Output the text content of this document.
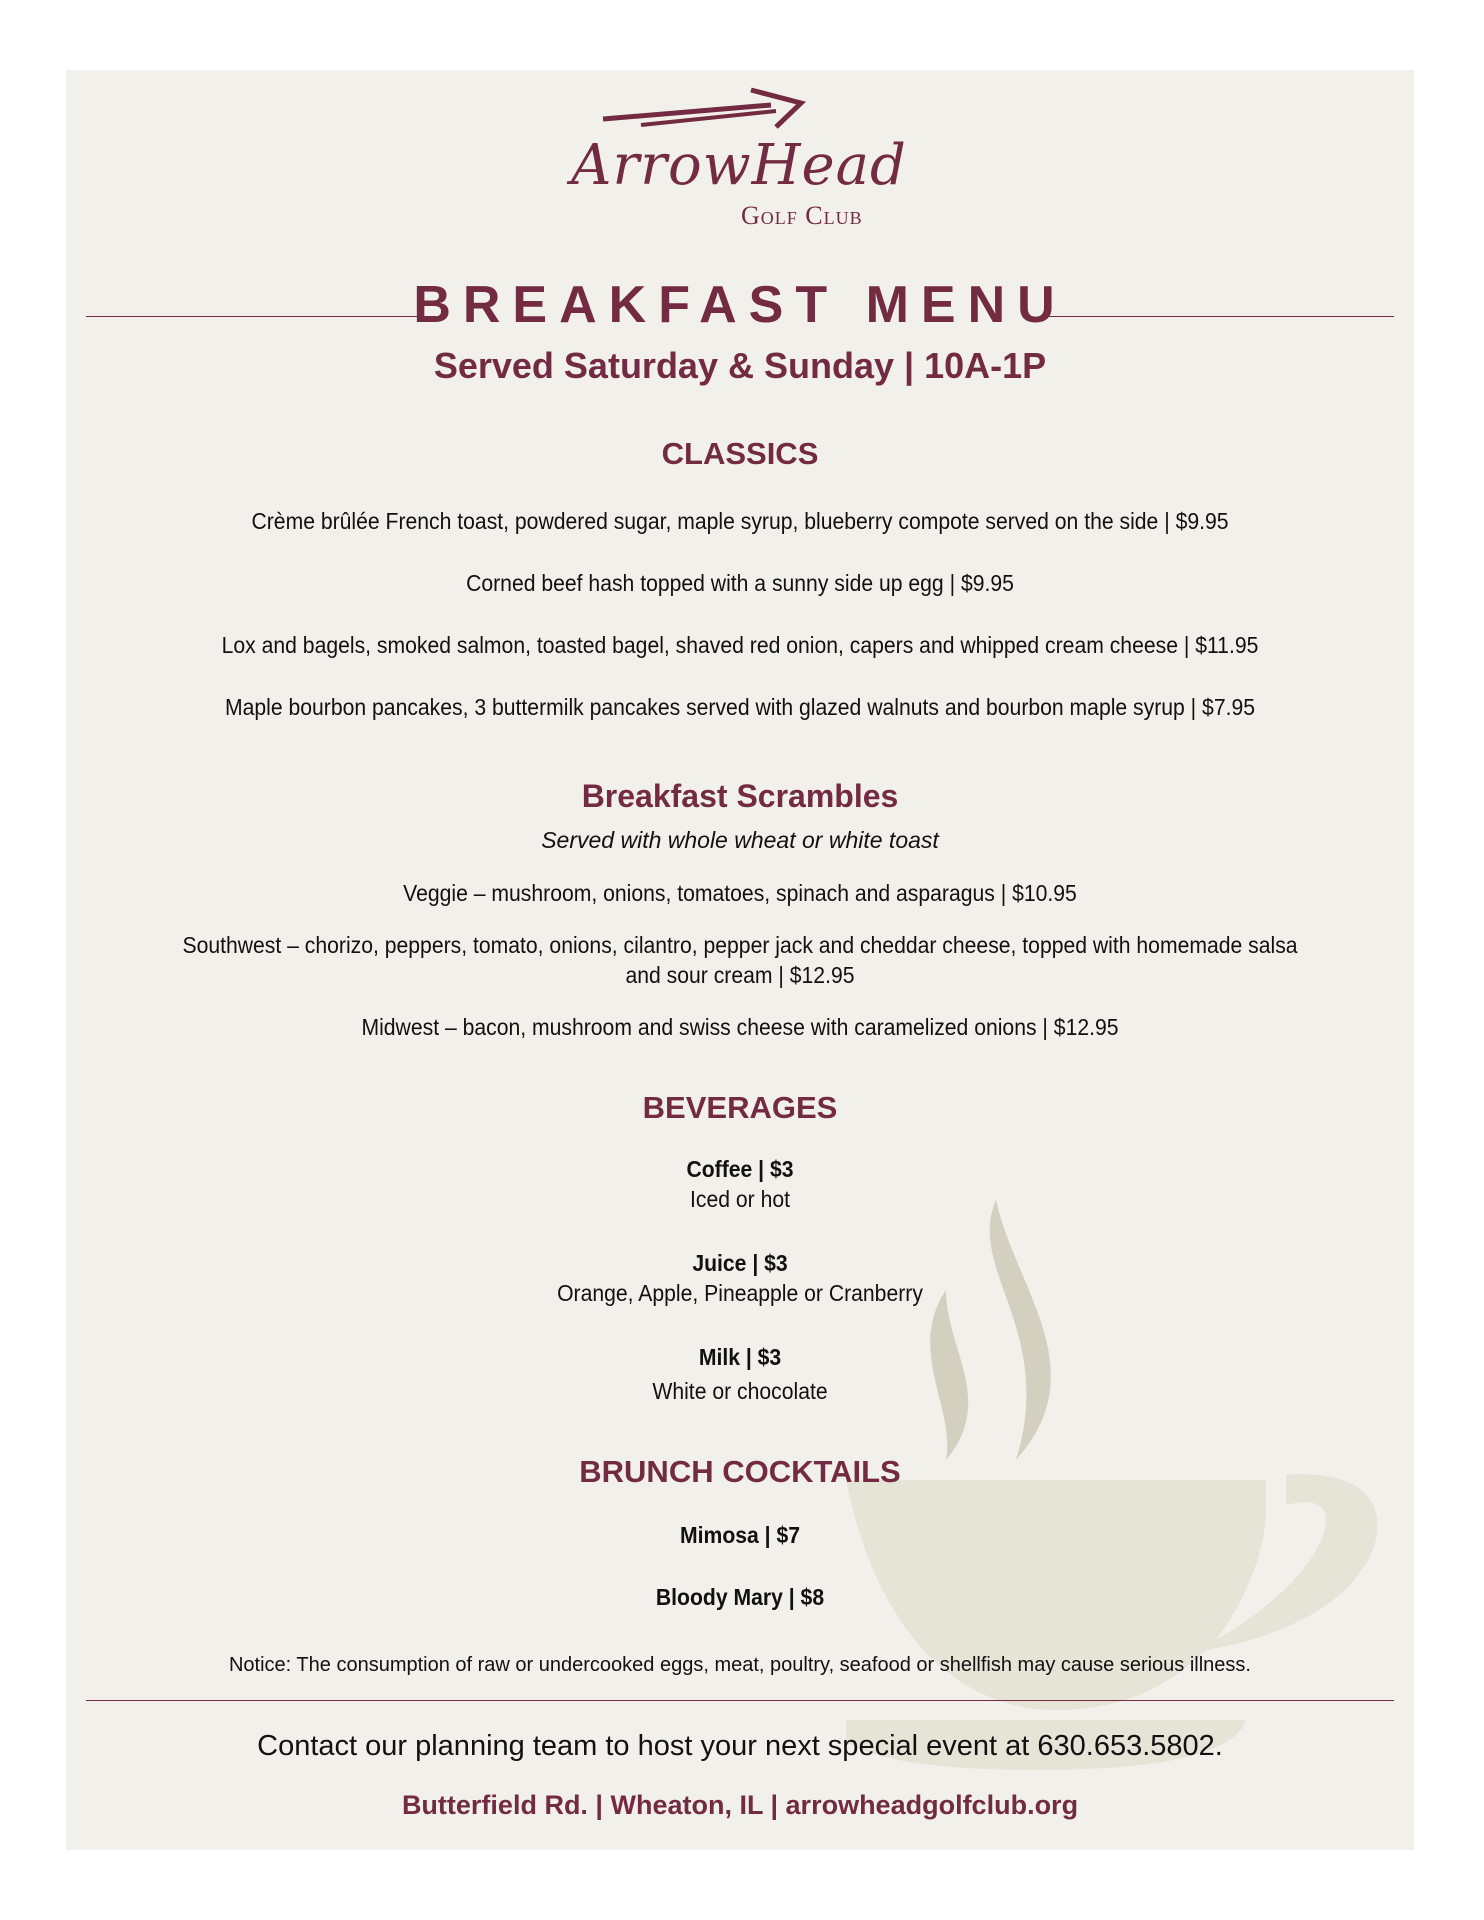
ArrowHead
Golf Club
BREAKFAST MENU
Served Saturday & Sunday | 10A-1P
CLASSICS
Crème brûlée French toast, powdered sugar, maple syrup, blueberry compote served on the side | $9.95
Corned beef hash topped with a sunny side up egg | $9.95
Lox and bagels, smoked salmon, toasted bagel, shaved red onion, capers and whipped cream cheese | $11.95
Maple bourbon pancakes, 3 buttermilk pancakes served with glazed walnuts and bourbon maple syrup | $7.95
Breakfast Scrambles
Served with whole wheat or white toast
Veggie – mushroom, onions, tomatoes, spinach and asparagus | $10.95
Southwest – chorizo, peppers, tomato, onions, cilantro, pepper jack and cheddar cheese, topped with homemade salsa
and sour cream | $12.95
Midwest – bacon, mushroom and swiss cheese with caramelized onions | $12.95
BEVERAGES
Coffee | $3
Iced or hot
Juice | $3
Orange, Apple, Pineapple or Cranberry
Milk | $3
White or chocolate
BRUNCH COCKTAILS
Mimosa | $7
Bloody Mary | $8
Notice: The consumption of raw or undercooked eggs, meat, poultry, seafood or shellfish may cause serious illness.
Contact our planning team to host your next special event at 630.653.5802.
Butterfield Rd. | Wheaton, IL | arrowheadgolfclub.org
